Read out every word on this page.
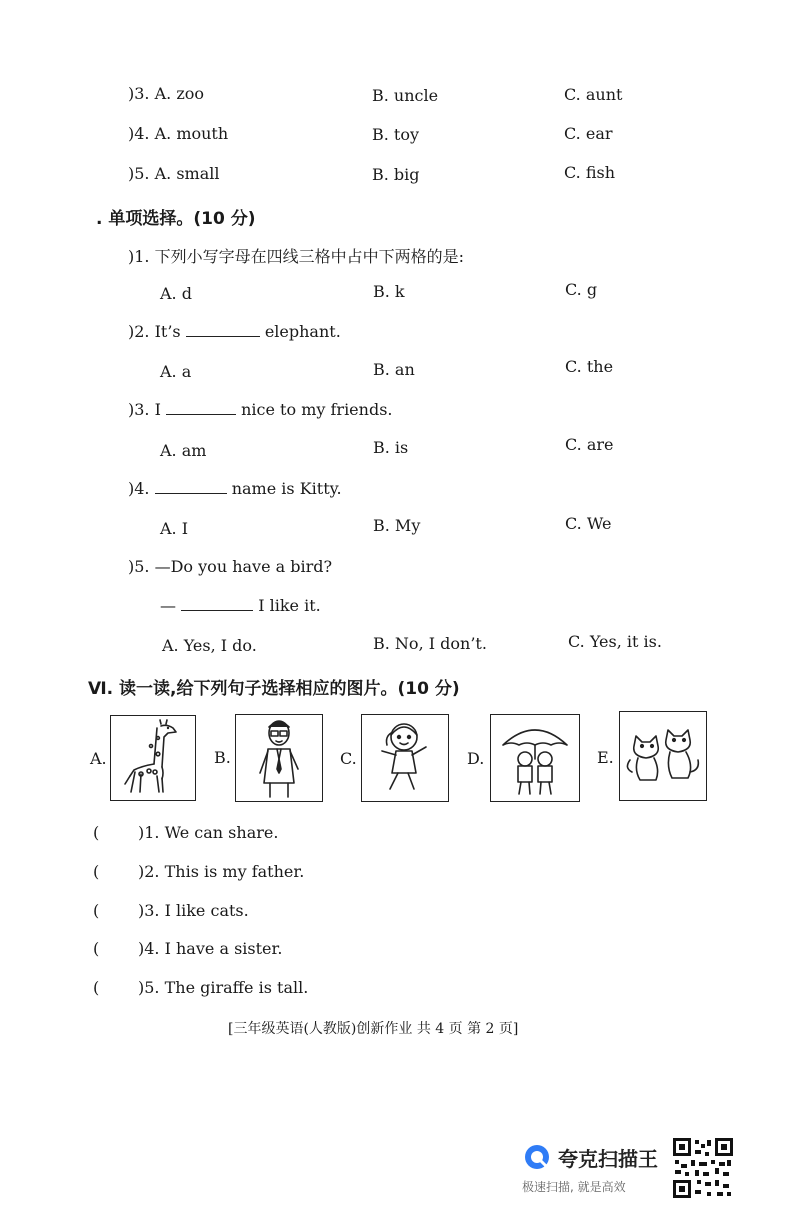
)3. A. zoo	B. uncle	C. aunt
)4. A. mouth	B. toy	C. ear
)5. A. small	B. big	C. fish
. 单项选择。(10 分)
)1. 下列小写字母在四线三格中占中下两格的是:
A. d	B. k	C. g
)2. It’s	elephant.
A. a	B. an	C. the
)3. I	nice to my friends.
A. am	B. is	C. are
)4.	name is Kitty.
A. I	B. My	C. We
)5. —Do you have a bird?
—	I like it.
A. Yes, I do.	B. No, I don’t.	C. Yes, it is.
Ⅵ. 读一读,给下列句子选择相应的图片。(10 分)
A.	B.	C.	D.	E.
( )1. We can share.
( )2. This is my father.
( )3. I like cats.
( )4. I have a sister.
( )5. The giraffe is tall.
[三年级英语(人教版)创新作业 共 4 页 第 2 页]
夸克扫描王
极速扫描, 就是高效
